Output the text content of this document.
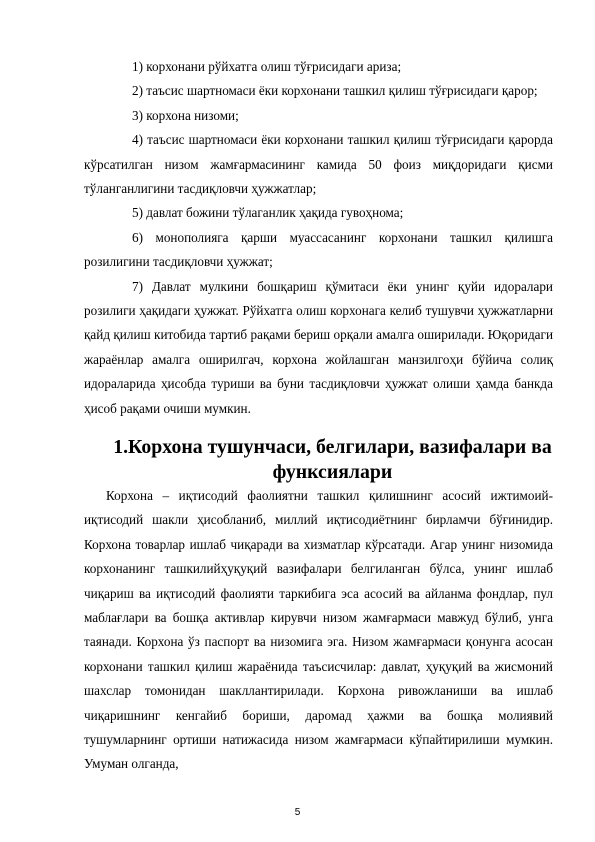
1) корхонани рўйхатга олиш тўғрисидаги ариза;

2) таъсис шартномаси ёки корхонани ташкил қилиш тўғрисидаги қарор;

3) корхона низоми;

4) таъсис шартномаси ёки корхонани ташкил қилиш тўғрисидаги қарорда кўрсатилган низом жамғармасининг камида 50 фоиз миқдоридаги қисми тўланганлигини тасдиқловчи ҳужжатлар;

5) давлат божини тўлаганлик ҳақида гувоҳнома;

6) монополияга қарши муассасанинг корхонани ташкил қилишга розилигини тасдиқловчи ҳужжат;

7) Давлат мулкини бошқариш қўмитаси ёки унинг қуйи идоралари розилиги ҳақидаги ҳужжат. Рўйхатга олиш корхонага келиб тушувчи ҳужжатларни қайд қилиш китобида тартиб рақами бериш орқали амалга оширилади. Юқоридаги жараёнлар амалга оширилгач, корхона жойлашган манзилгоҳи бўйича солиқ идораларида ҳисобда туриши ва буни тасдиқловчи ҳужжат олиши ҳамда банкда ҳисоб рақами очиши мумкин.

1.Корхона тушунчаси, белгилари, вазифалари ва функсиялари

Корхона – иқтисодий фаолиятни ташкил қилишнинг асосий ижтимоий-иқтисодий шакли ҳисобланиб, миллий иқтисодиётнинг бирламчи бўғинидир. Корхона товарлар ишлаб чиқаради ва хизматлар кўрсатади. Агар унинг низомида корхонанинг ташкилийҳуқуқий вазифалари белгиланган бўлса, унинг ишлаб чиқариш ва иқтисодий фаолияти таркибига эса асосий ва айланма фондлар, пул маблағлари ва бошқа активлар кирувчи низом жамғармаси мавжуд бўлиб, унга таянади. Корхона ўз паспорт ва низомига эга. Низом жамғармаси қонунга асосан корхонани ташкил қилиш жараёнида таъсисчилар: давлат, ҳуқуқий ва жисмоний шахслар томонидан шакллантирилади. Корхона ривожланиши ва ишлаб чиқаришнинг кенгайиб бориши, даромад ҳажми ва бошқа молиявий тушумларнинг ортиши натижасида низом жамғармаси кўпайтирилиши мумкин. Умуман олганда,

5
